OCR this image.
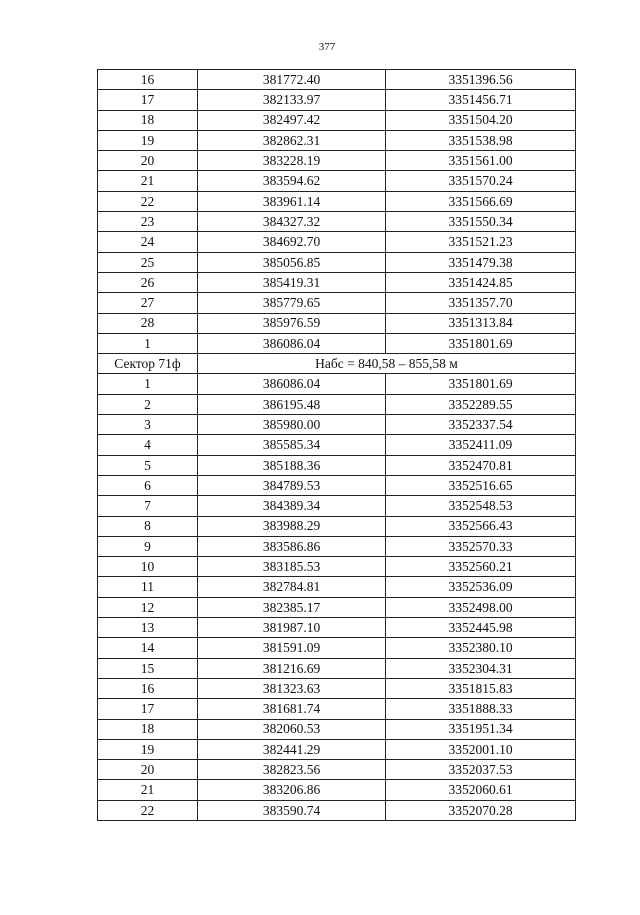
377
16	381772.40	3351396.56
17	382133.97	3351456.71
18	382497.42	3351504.20
19	382862.31	3351538.98
20	383228.19	3351561.00
21	383594.62	3351570.24
22	383961.14	3351566.69
23	384327.32	3351550.34
24	384692.70	3351521.23
25	385056.85	3351479.38
26	385419.31	3351424.85
27	385779.65	3351357.70
28	385976.59	3351313.84
1	386086.04	3351801.69
Сектор 71ф	Набс = 840,58 – 855,58 м	
1	386086.04	3351801.69
2	386195.48	3352289.55
3	385980.00	3352337.54
4	385585.34	3352411.09
5	385188.36	3352470.81
6	384789.53	3352516.65
7	384389.34	3352548.53
8	383988.29	3352566.43
9	383586.86	3352570.33
10	383185.53	3352560.21
11	382784.81	3352536.09
12	382385.17	3352498.00
13	381987.10	3352445.98
14	381591.09	3352380.10
15	381216.69	3352304.31
16	381323.63	3351815.83
17	381681.74	3351888.33
18	382060.53	3351951.34
19	382441.29	3352001.10
20	382823.56	3352037.53
21	383206.86	3352060.61
22	383590.74	3352070.28
